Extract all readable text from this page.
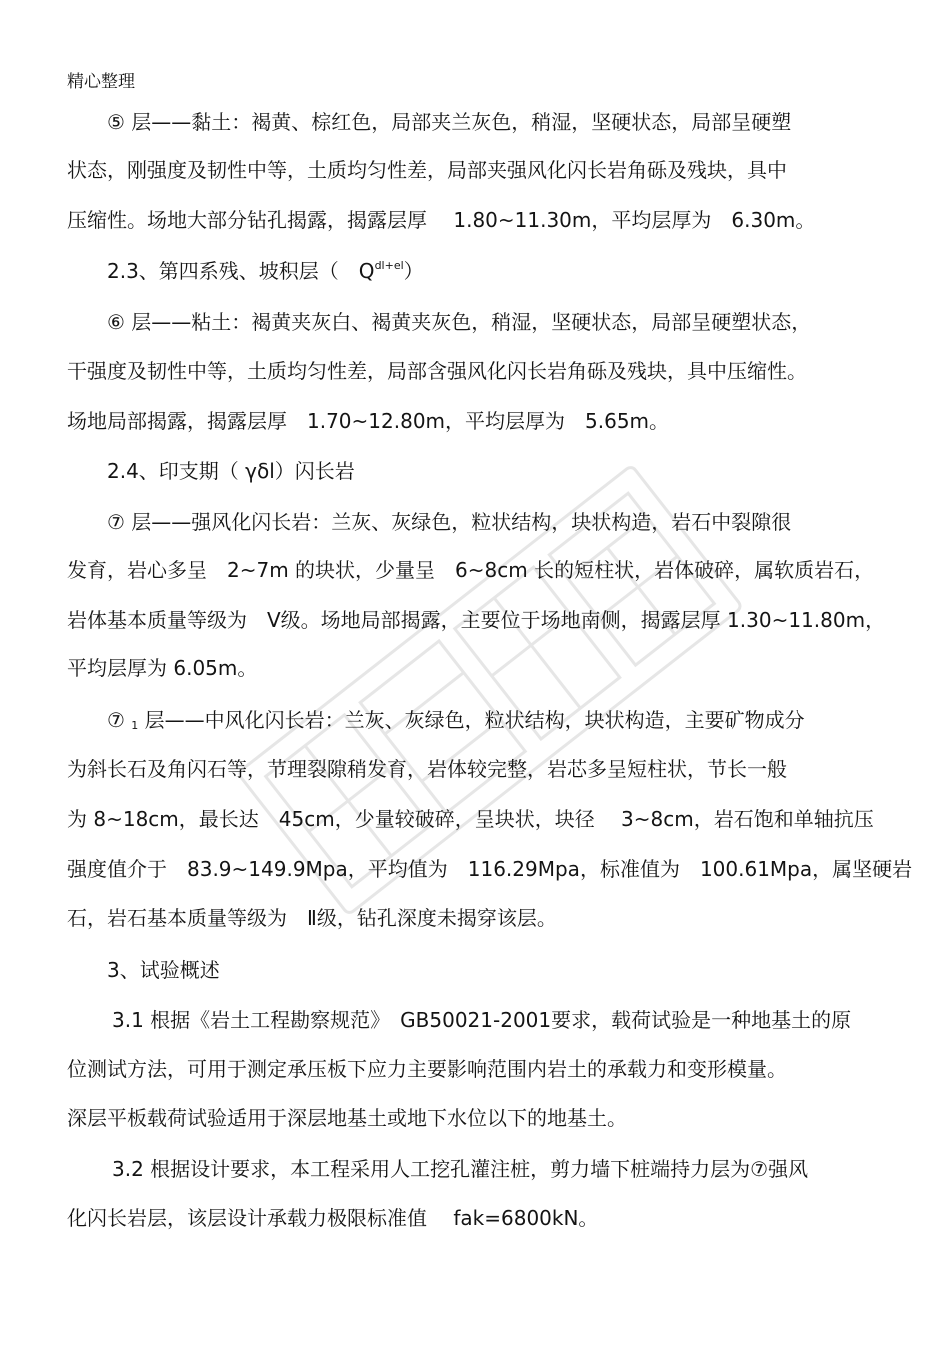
精心整理
⑤ 层——黏土：褐黄、棕红色，局部夹兰灰色，稍湿，坚硬状态，局部呈硬塑
状态，刚强度及韧性中等，土质均匀性差，局部夹强风化闪长岩角砾及残块，具中
压缩性。场地大部分钻孔揭露，揭露层厚　 1.80~11.30m，平均层厚为　6.30m。
2.3、第四系残、坡积层（　$Q^{dl+el}$）
⑥ 层——粘土：褐黄夹灰白、褐黄夹灰色，稍湿，坚硬状态，局部呈硬塑状态，
干强度及韧性中等，土质均匀性差，局部含强风化闪长岩角砾及残块，具中压缩性。
场地局部揭露，揭露层厚　1.70~12.80m，平均层厚为　5.65m。
2.4、印支期（ γδl）闪长岩
⑦ 层——强风化闪长岩：兰灰、灰绿色，粒状结构，块状构造，岩石中裂隙很
发育，岩心多呈　2~7m 的块状，少量呈　6~8cm 长的短柱状，岩体破碎，属软质岩石，
岩体基本质量等级为　Ⅴ级。场地局部揭露，主要位于场地南侧，揭露层厚 1.30~11.80m，
平均层厚为 6.05m。
⑦ $_1$ 层——中风化闪长岩：兰灰、灰绿色，粒状结构，块状构造，主要矿物成分
为斜长石及角闪石等，节理裂隙稍发育，岩体较完整，岩芯多呈短柱状，节长一般
为 8~18cm，最长达　45cm，少量较破碎，呈块状，块径　 3~8cm，岩石饱和单轴抗压
强度值介于　83.9~149.9Mpa，平均值为　116.29Mpa，标准值为　100.61Mpa，属坚硬岩
石，岩石基本质量等级为　Ⅱ级，钻孔深度未揭穿该层。
3、试验概述
3.1 根据《岩土工程勘察规范》　GB50021-2001要求，载荷试验是一种地基土的原
位测试方法，可用于测定承压板下应力主要影响范围内岩土的承载力和变形模量。
深层平板载荷试验适用于深层地基土或地下水位以下的地基土。
3.2 根据设计要求，本工程采用人工挖孔灌注桩，剪力墙下桩端持力层为⑦强风
化闪长岩层，该层设计承载力极限标准值　 fak=6800kN。
